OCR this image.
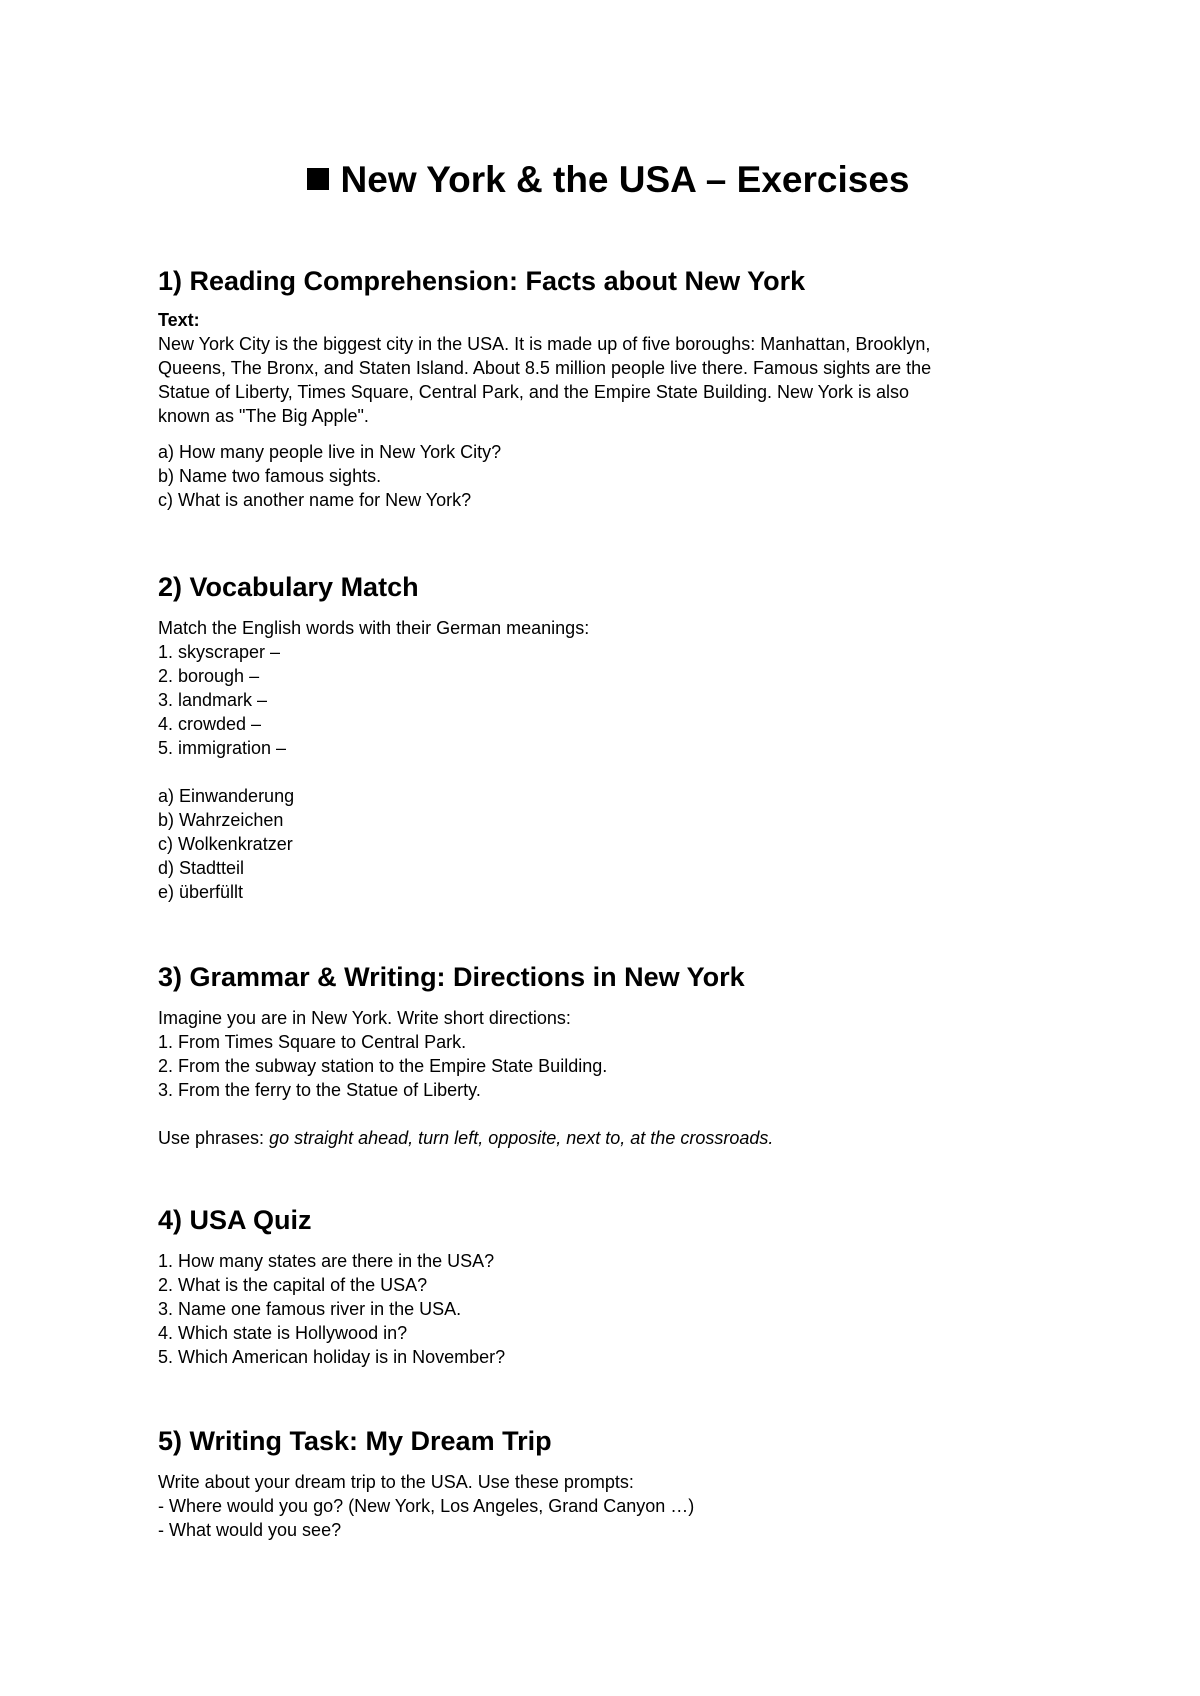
New York & the USA – Exercises
1) Reading Comprehension: Facts about New York
Text:
New York City is the biggest city in the USA. It is made up of five boroughs: Manhattan, Brooklyn,
Queens, The Bronx, and Staten Island. About 8.5 million people live there. Famous sights are the
Statue of Liberty, Times Square, Central Park, and the Empire State Building. New York is also
known as "The Big Apple".
a) How many people live in New York City?
b) Name two famous sights.
c) What is another name for New York?
2) Vocabulary Match
Match the English words with their German meanings:
1. skyscraper –
2. borough –
3. landmark –
4. crowded –
5. immigration –
a) Einwanderung
b) Wahrzeichen
c) Wolkenkratzer
d) Stadtteil
e) überfüllt
3) Grammar & Writing: Directions in New York
Imagine you are in New York. Write short directions:
1. From Times Square to Central Park.
2. From the subway station to the Empire State Building.
3. From the ferry to the Statue of Liberty.
Use phrases: go straight ahead, turn left, opposite, next to, at the crossroads.
4) USA Quiz
1. How many states are there in the USA?
2. What is the capital of the USA?
3. Name one famous river in the USA.
4. Which state is Hollywood in?
5. Which American holiday is in November?
5) Writing Task: My Dream Trip
Write about your dream trip to the USA. Use these prompts:
- Where would you go? (New York, Los Angeles, Grand Canyon …)
- What would you see?
